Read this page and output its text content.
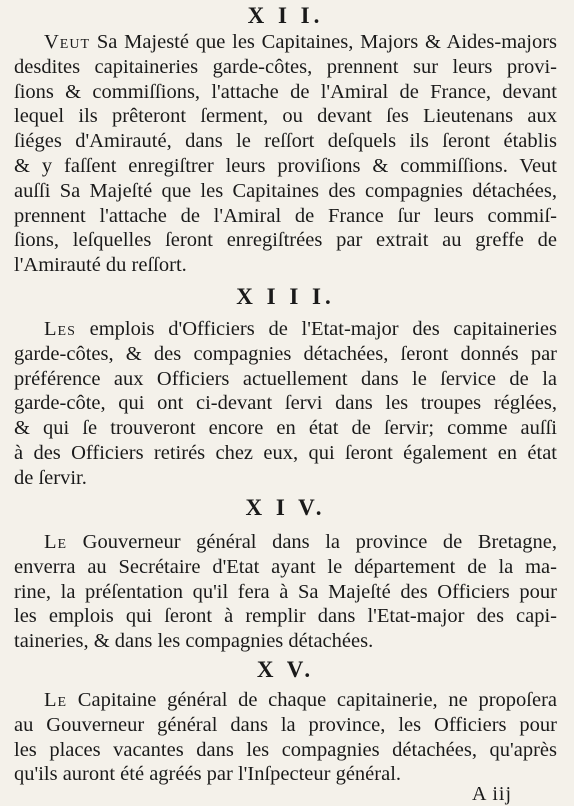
X I I.

Veut Sa Majesté que les Capitaines, Majors & Aides-majors
desdites capitaineries garde-côtes, prennent sur leurs provi-
ſions & commiſſions, l'attache de l'Amiral de France, devant
lequel ils prêteront ſerment, ou devant ſes Lieutenans aux
ſiéges d'Amirauté, dans le reſſort deſquels ils ſeront établis
& y faſſent enregiſtrer leurs proviſions & commiſſions. Veut
auſſi Sa Majeſté que les Capitaines des compagnies détachées,
prennent l'attache de l'Amiral de France ſur leurs commiſ-
ſions, leſquelles ſeront enregiſtrées par extrait au greffe de
l'Amirauté du reſſort.

X I I I.

Les emplois d'Officiers de l'Etat-major des capitaineries
garde-côtes, & des compagnies détachées, ſeront donnés par
préférence aux Officiers actuellement dans le ſervice de la
garde-côte, qui ont ci-devant ſervi dans les troupes réglées,
& qui ſe trouveront encore en état de ſervir; comme auſſi
à des Officiers retirés chez eux, qui ſeront également en état
de ſervir.

X I V.

Le Gouverneur général dans la province de Bretagne,
enverra au Secrétaire d'Etat ayant le département de la ma-
rine, la préſentation qu'il fera à Sa Majeſté des Officiers pour
les emplois qui ſeront à remplir dans l'Etat-major des capi-
taineries, & dans les compagnies détachées.

X V.

Le Capitaine général de chaque capitainerie, ne propoſera
au Gouverneur général dans la province, les Officiers pour
les places vacantes dans les compagnies détachées, qu'après
qu'ils auront été agréés par l'Inſpecteur général.

A iij
